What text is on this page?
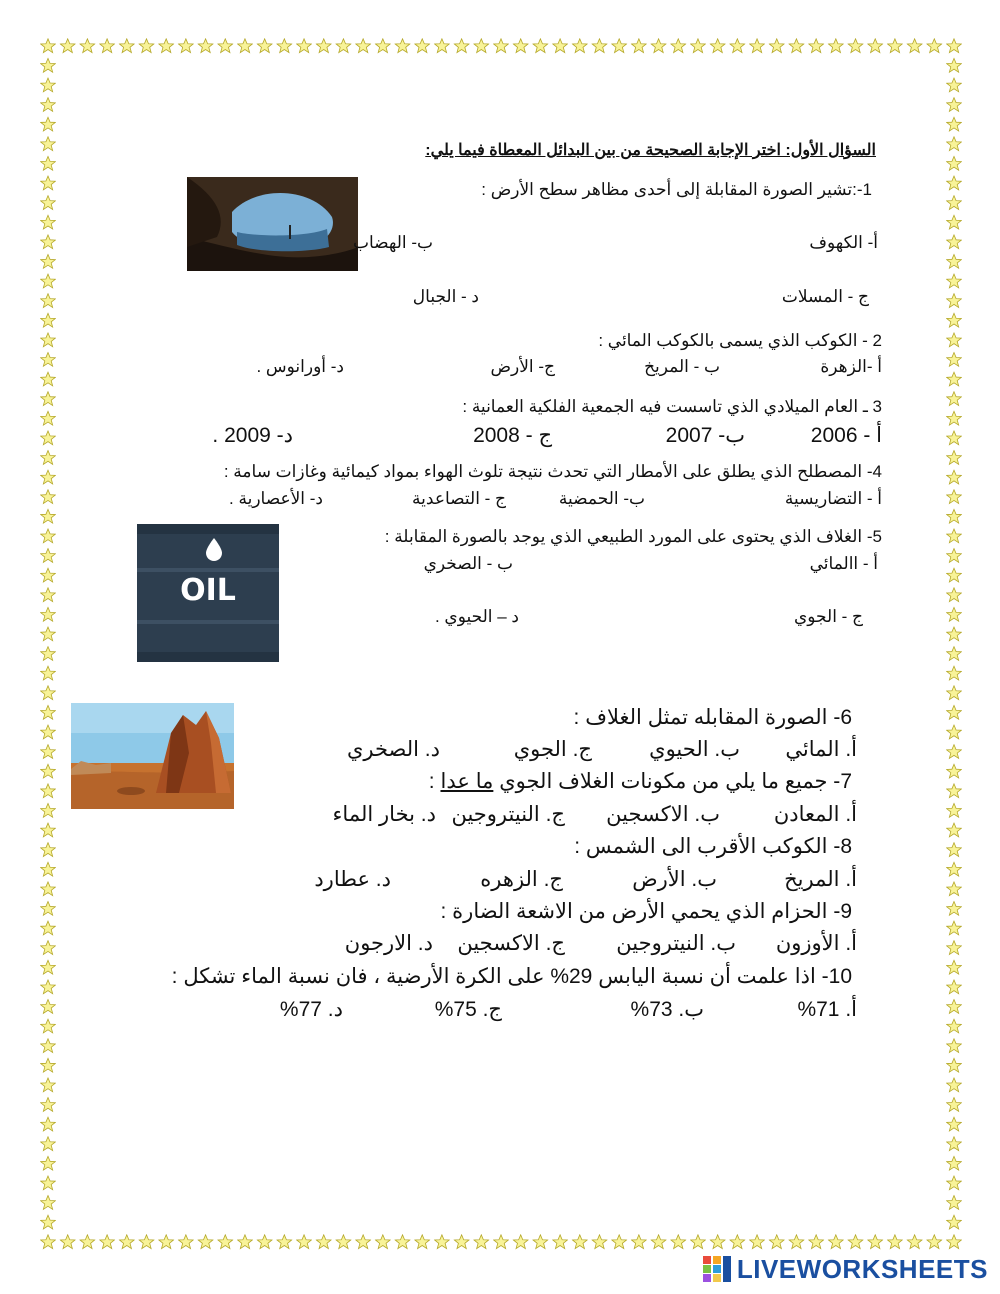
السؤال الأول: اختر الإجابة الصحيحة من بين البدائل المعطاة فيما يلي:
1-:تشير الصورة المقابلة إلى أحدى مظاهر سطح الأرض :
أ- الكهوف
ب- الهضاب
ج - المسلات
د - الجبال
2 - الكوكب الذي يسمى بالكوكب المائي :
أ -الزهرة
ب - المريخ
ج- الأرض
د- أورانوس .
3 ـ العام الميلادي الذي تاسست فيه الجمعية الفلكية العمانية :
أ - 2006
ب- 2007
ج - 2008
د- 2009 .
4- المصطلح الذي يطلق على الأمطار التي تحدث نتيجة تلوث الهواء بمواد كيمائية وغازات سامة :
أ - التضاريسية
ب- الحمضية
ج - التصاعدية
د- الأعصارية .
OIL
5- الغلاف الذي يحتوى على المورد الطبيعي الذي يوجد بالصورة المقابلة :
أ - االمائي
ب - الصخري
ج - الجوي
د – الحيوي .
6- الصورة المقابله تمثل الغلاف :
أ. المائي
ب. الحيوي
ج. الجوي
د. الصخري
7- جميع ما يلي من مكونات الغلاف الجوي ما عدا :
أ. المعادن
ب. الاكسجين
ج. النيتروجين
د. بخار الماء
8- الكوكب الأقرب الى الشمس :
أ. المريخ
ب. الأرض
ج. الزهره
د. عطارد
9- الحزام الذي يحمي الأرض من الاشعة الضارة :
أ. الأوزون
ب. النيتروجين
ج. الاكسجين
د. الارجون
10- اذا علمت أن نسبة اليابس 29% على الكرة الأرضية ، فان نسبة الماء تشكل :
أ. 71%
ب. 73%
ج. 75%
د. 77%
LIVEWORKSHEETS
